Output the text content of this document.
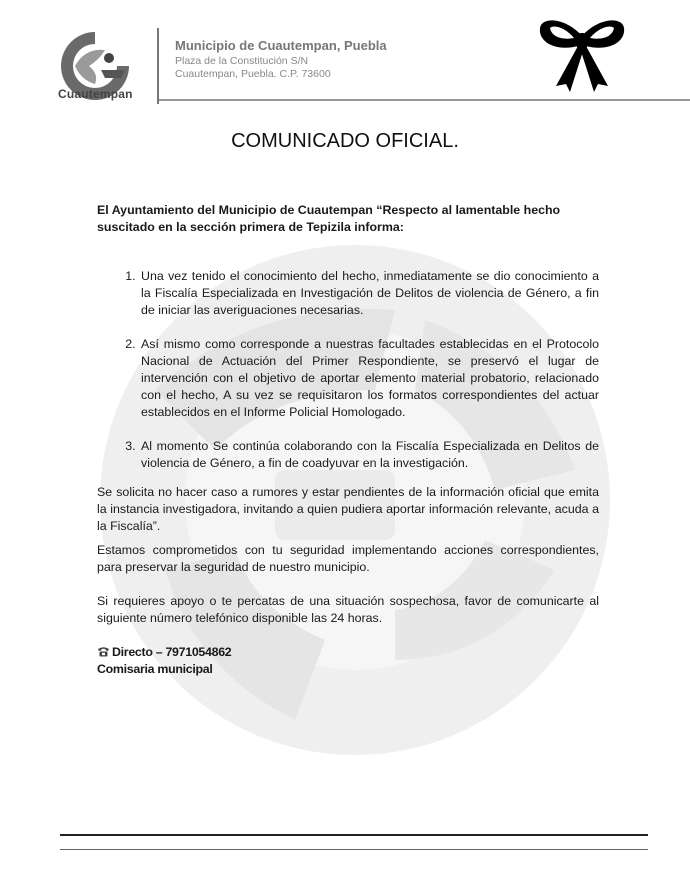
Cuautempan
Municipio de Cuautempan, Puebla
Plaza de la Constitución S/N
Cuautempan, Puebla. C.P. 73600
COMUNICADO OFICIAL.

El Ayuntamiento del Municipio de Cuautempan “Respecto al lamentable hecho suscitado en la sección primera de Tepizila informa:

1. Una vez tenido el conocimiento del hecho, inmediatamente se dio conocimiento a la Fiscalía Especializada en Investigación de Delitos de violencia de Género, a fin de iniciar las averiguaciones necesarias.
2. Así mismo como corresponde a nuestras facultades establecidas en el Protocolo Nacional de Actuación del Primer Respondiente, se preservó el lugar de intervención con el objetivo de aportar elemento material probatorio, relacionado con el hecho, A su vez se requisitaron los formatos correspondientes del actuar establecidos en el Informe Policial Homologado.
3. Al momento Se continúa colaborando con la Fiscalía Especializada en Delitos de violencia de Género, a fin de coadyuvar en la investigación.

Se solicita no hacer caso a rumores y estar pendientes de la información oficial que emita la instancia investigadora, invitando a quien pudiera aportar información relevante, acuda a la Fiscalía”.

Estamos comprometidos con tu seguridad implementando acciones correspondientes, para preservar la seguridad de nuestro municipio.

Si requieres apoyo o te percatas de una situación sospechosa, favor de comunicarte al siguiente número telefónico disponible las 24 horas.

Directo – 7971054862
Comisaria municipal
